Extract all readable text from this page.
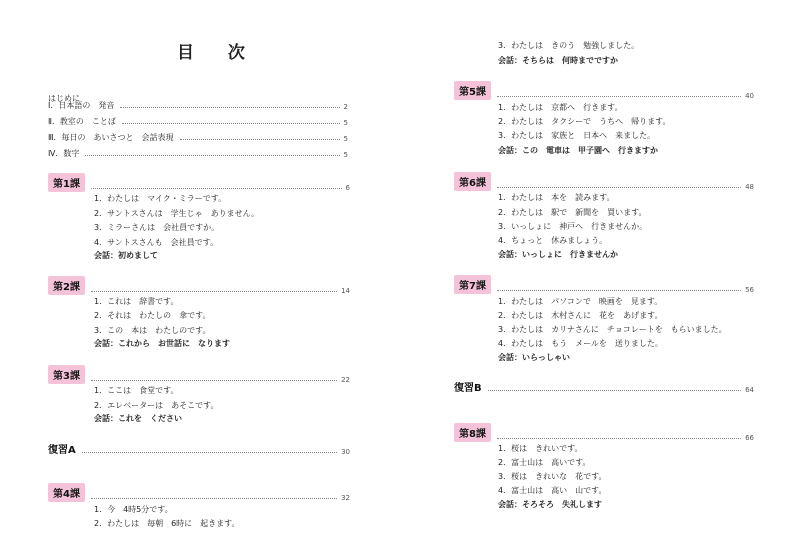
目 次
はじめに
Ⅰ．日本語の　発音	2
Ⅱ．教室の　ことば	5
Ⅲ．毎日の　あいさつと　会話表現	5
Ⅳ．数字	5
第1課	6
1．わたしは　マイク・ミラーです。
2．サントスさんは　学生じゃ　ありません。
3．ミラーさんは　会社員ですか。
4．サントスさんも　会社員です。
会話：初めまして
第2課	14
1．これは　辞書です。
2．それは　わたしの　傘です。
3．この　本は　わたしのです。
会話：これから　お世話に　なります
第3課	22
1．ここは　食堂です。
2．エレベーターは　あそこです。
会話：これを　ください
復習A	30
第4課	32
1．今　4時5分です。
2．わたしは　毎朝　6時に　起きます。
3．わたしは　きのう　勉強しました。
会話：そちらは　何時までですか
第5課	40
1．わたしは　京都へ　行きます。
2．わたしは　タクシーで　うちへ　帰ります。
3．わたしは　家族と　日本へ　来ました。
会話：この　電車は　甲子園へ　行きますか
第6課	48
1．わたしは　本を　読みます。
2．わたしは　駅で　新聞を　買います。
3．いっしょに　神戸へ　行きませんか。
4．ちょっと　休みましょう。
会話：いっしょに　行きませんか
第7課	56
1．わたしは　パソコンで　映画を　見ます。
2．わたしは　木村さんに　花を　あげます。
3．わたしは　カリナさんに　チョコレートを　もらいました。
4．わたしは　もう　メールを　送りました。
会話：いらっしゃい
復習B	64
第8課	66
1．桜は　きれいです。
2．富士山は　高いです。
3．桜は　きれいな　花です。
4．富士山は　高い　山です。
会話：そろそろ　失礼します
